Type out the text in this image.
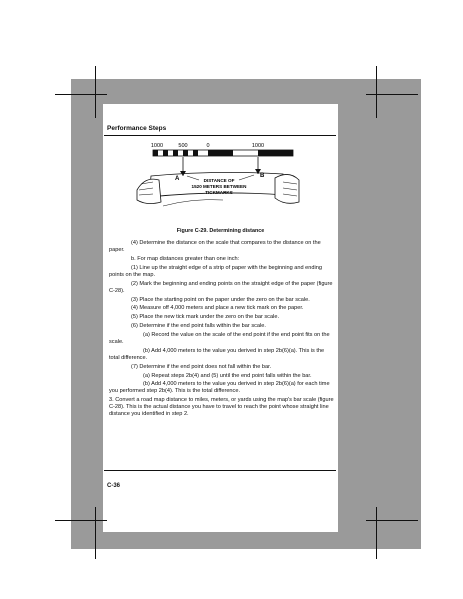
Performance Steps
1000	500	0	1000
A	B
DISTANCE OF
1520 METERS BETWEEN
TICKMARKS
Figure C-29. Determining distance

(4) Determine the distance on the scale that compares to the distance on the paper.

b. For map distances greater than one inch:

(1) Line up the straight edge of a strip of paper with the beginning and ending points on the map.

(2) Mark the beginning and ending points on the straight edge of the paper (figure C-28).

(3) Place the starting point on the paper under the zero on the bar scale.

(4) Measure off 4,000 meters and place a new tick mark on the paper.

(5) Place the new tick mark under the zero on the bar scale.

(6) Determine if the end point falls within the bar scale.

(a) Record the value on the scale of the end point if the end point fits on the scale.

(b) Add 4,000 meters to the value you derived in step 2b(6)(a). This is the total difference.

(7) Determine if the end point does not fall within the bar.

(a) Repeat steps 2b(4) and (5) until the end point falls within the bar.

(b) Add 4,000 meters to the value you derived in step 2b(6)(a) for each time you performed step 2b(4). This is the total difference.

3. Convert a road map distance to miles, meters, or yards using the map's bar scale (figure C-28). This is the actual distance you have to travel to reach the point whose straight line distance you identified in step 2.

C-36
